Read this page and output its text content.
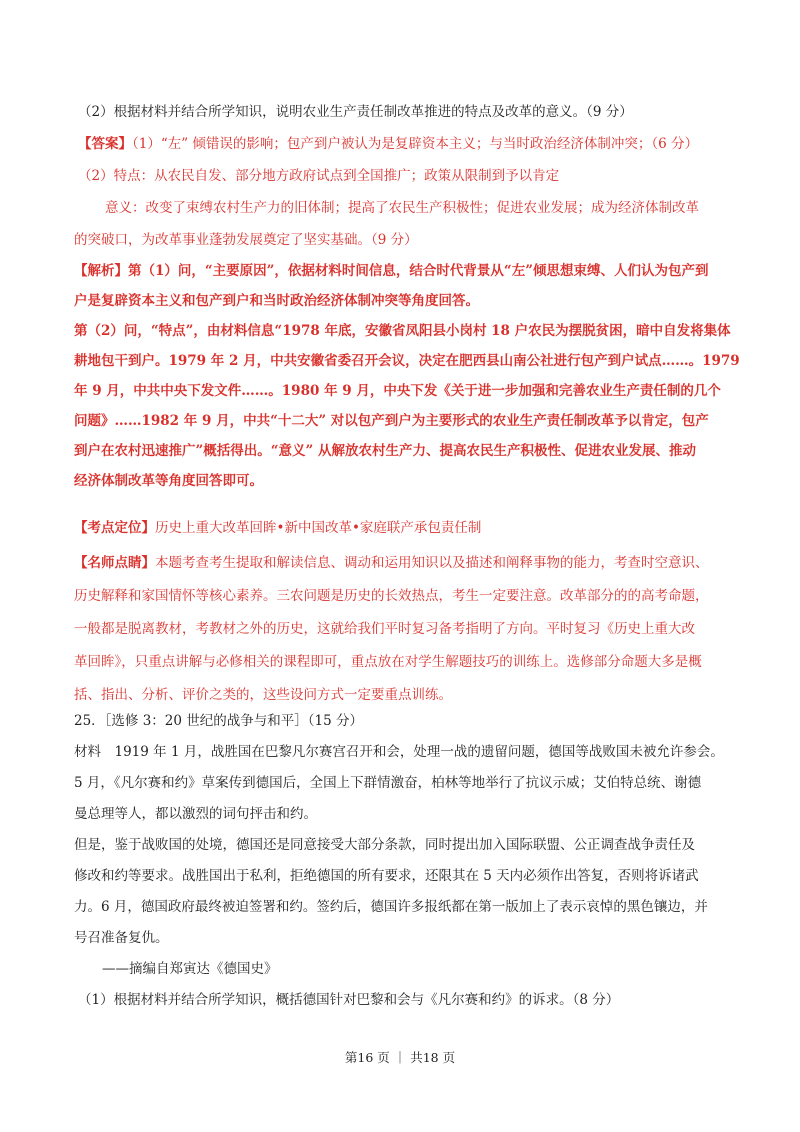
（2）根据材料并结合所学知识，说明农业生产责任制改革推进的特点及改革的意义。（9 分）

【答案】（1）“左” 倾错误的影响；包产到户被认为是复辟资本主义；与当时政治经济体制冲突；（6 分）
（2）特点：从农民自发、部分地方政府试点到全国推广；政策从限制到予以肯定
意义：改变了束缚农村生产力的旧体制；提高了农民生产积极性；促进农业发展；成为经济体制改革
的突破口，为改革事业蓬勃发展奠定了坚实基础。（9 分）
【解析】第（1）问，“主要原因”，依据材料时间信息，结合时代背景从“左”倾思想束缚、人们认为包产到
户是复辟资本主义和包产到户和当时政治经济体制冲突等角度回答。
第（2）问，“特点”，由材料信息“1978 年底，安徽省凤阳县小岗村 18 户农民为摆脱贫困，暗中自发将集体
耕地包干到户。1979 年 2 月，中共安徽省委召开会议，决定在肥西县山南公社进行包产到户试点……。1979
年 9 月，中共中央下发文件……。1980 年 9 月，中央下发《关于进一步加强和完善农业生产责任制的几个
问题》……1982 年 9 月，中共“十二大” 对以包产到户为主要形式的农业生产责任制改革予以肯定，包产
到户在农村迅速推广”概括得出。“意义” 从解放农村生产力、提高农民生产积极性、促进农业发展、推动
经济体制改革等角度回答即可。

【考点定位】历史上重大改革回眸•新中国改革•家庭联产承包责任制

【名师点睛】本题考查考生提取和解读信息、调动和运用知识以及描述和阐释事物的能力，考查时空意识、
历史解释和家国情怀等核心素养。三农问题是历史的长效热点，考生一定要注意。改革部分的的高考命题，
一般都是脱离教材，考教材之外的历史，这就给我们平时复习备考指明了方向。平时复习《历史上重大改
革回眸》，只重点讲解与必修相关的课程即可，重点放在对学生解题技巧的训练上。选修部分命题大多是概
括、指出、分析、评价之类的，这些设问方式一定要重点训练。
25．［选修 3：20 世纪的战争与和平］（15 分）
材料　1919 年 1 月，战胜国在巴黎凡尔赛宫召开和会，处理一战的遗留问题，德国等战败国未被允许参会。
5 月，《凡尔赛和约》草案传到德国后，全国上下群情激奋，柏林等地举行了抗议示威；艾伯特总统、谢德
曼总理等人，都以激烈的词句抨击和约。
但是，鉴于战败国的处境，德国还是同意接受大部分条款，同时提出加入国际联盟、公正调查战争责任及
修改和约等要求。战胜国出于私利，拒绝德国的所有要求，还限其在 5 天内必须作出答复，否则将诉诸武
力。6 月，德国政府最终被迫签署和约。签约后，德国许多报纸都在第一版加上了表示哀悼的黑色镶边，并
号召准备复仇。
——摘编自郑寅达《德国史》
（1）根据材料并结合所学知识，概括德国针对巴黎和会与《凡尔赛和约》的诉求。（8 分）
第16 页 ｜ 共18 页
